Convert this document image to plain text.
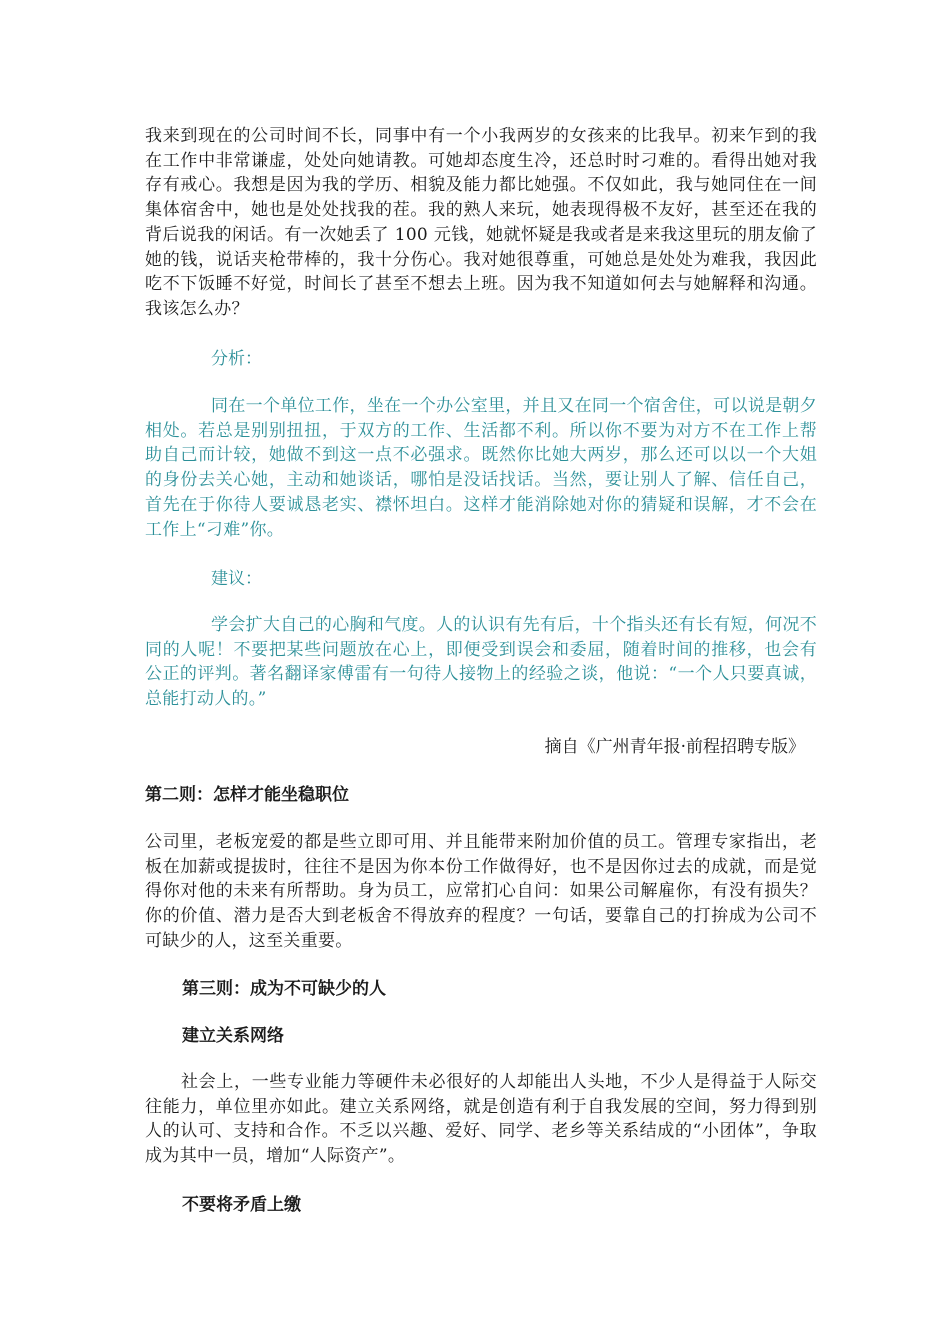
我来到现在的公司时间不长，同事中有一个小我两岁的女孩来的比我早。初来乍到的我在工作中非常谦虚，处处向她请教。可她却态度生冷，还总时时刁难的。看得出她对我存有戒心。我想是因为我的学历、相貌及能力都比她强。不仅如此，我与她同住在一间集体宿舍中，她也是处处找我的茬。我的熟人来玩，她表现得极不友好，甚至还在我的背后说我的闲话。有一次她丢了 100 元钱，她就怀疑是我或者是来我这里玩的朋友偷了她的钱，说话夹枪带棒的，我十分伤心。我对她很尊重，可她总是处处为难我，我因此吃不下饭睡不好觉，时间长了甚至不想去上班。因为我不知道如何去与她解释和沟通。我该怎么办？

分析：

同在一个单位工作，坐在一个办公室里，并且又在同一个宿舍住，可以说是朝夕相处。若总是别别扭扭，于双方的工作、生活都不利。所以你不要为对方不在工作上帮助自己而计较，她做不到这一点不必强求。既然你比她大两岁，那么还可以以一个大姐的身份去关心她，主动和她谈话，哪怕是没话找话。当然，要让别人了解、信任自己，首先在于你待人要诚恳老实、襟怀坦白。这样才能消除她对你的猜疑和误解，才不会在工作上“刁难”你。

建议：

学会扩大自己的心胸和气度。人的认识有先有后，十个指头还有长有短，何况不同的人呢！不要把某些问题放在心上，即便受到误会和委屈，随着时间的推移，也会有公正的评判。著名翻译家傅雷有一句待人接物上的经验之谈，他说：“一个人只要真诚，总能打动人的。”

摘自《广州青年报·前程招聘专版》

第二则：怎样才能坐稳职位

公司里，老板宠爱的都是些立即可用、并且能带来附加价值的员工。管理专家指出，老板在加薪或提拔时，往往不是因为你本份工作做得好，也不是因你过去的成就，而是觉得你对他的未来有所帮助。身为员工，应常扪心自问：如果公司解雇你，有没有损失？你的价值、潜力是否大到老板舍不得放弃的程度？一句话，要靠自己的打拚成为公司不可缺少的人，这至关重要。

第三则：成为不可缺少的人

建立关系网络

社会上，一些专业能力等硬件未必很好的人却能出人头地，不少人是得益于人际交往能力，单位里亦如此。建立关系网络，就是创造有利于自我发展的空间，努力得到别人的认可、支持和合作。不乏以兴趣、爱好、同学、老乡等关系结成的“小团体”，争取成为其中一员，增加“人际资产”。

不要将矛盾上缴
